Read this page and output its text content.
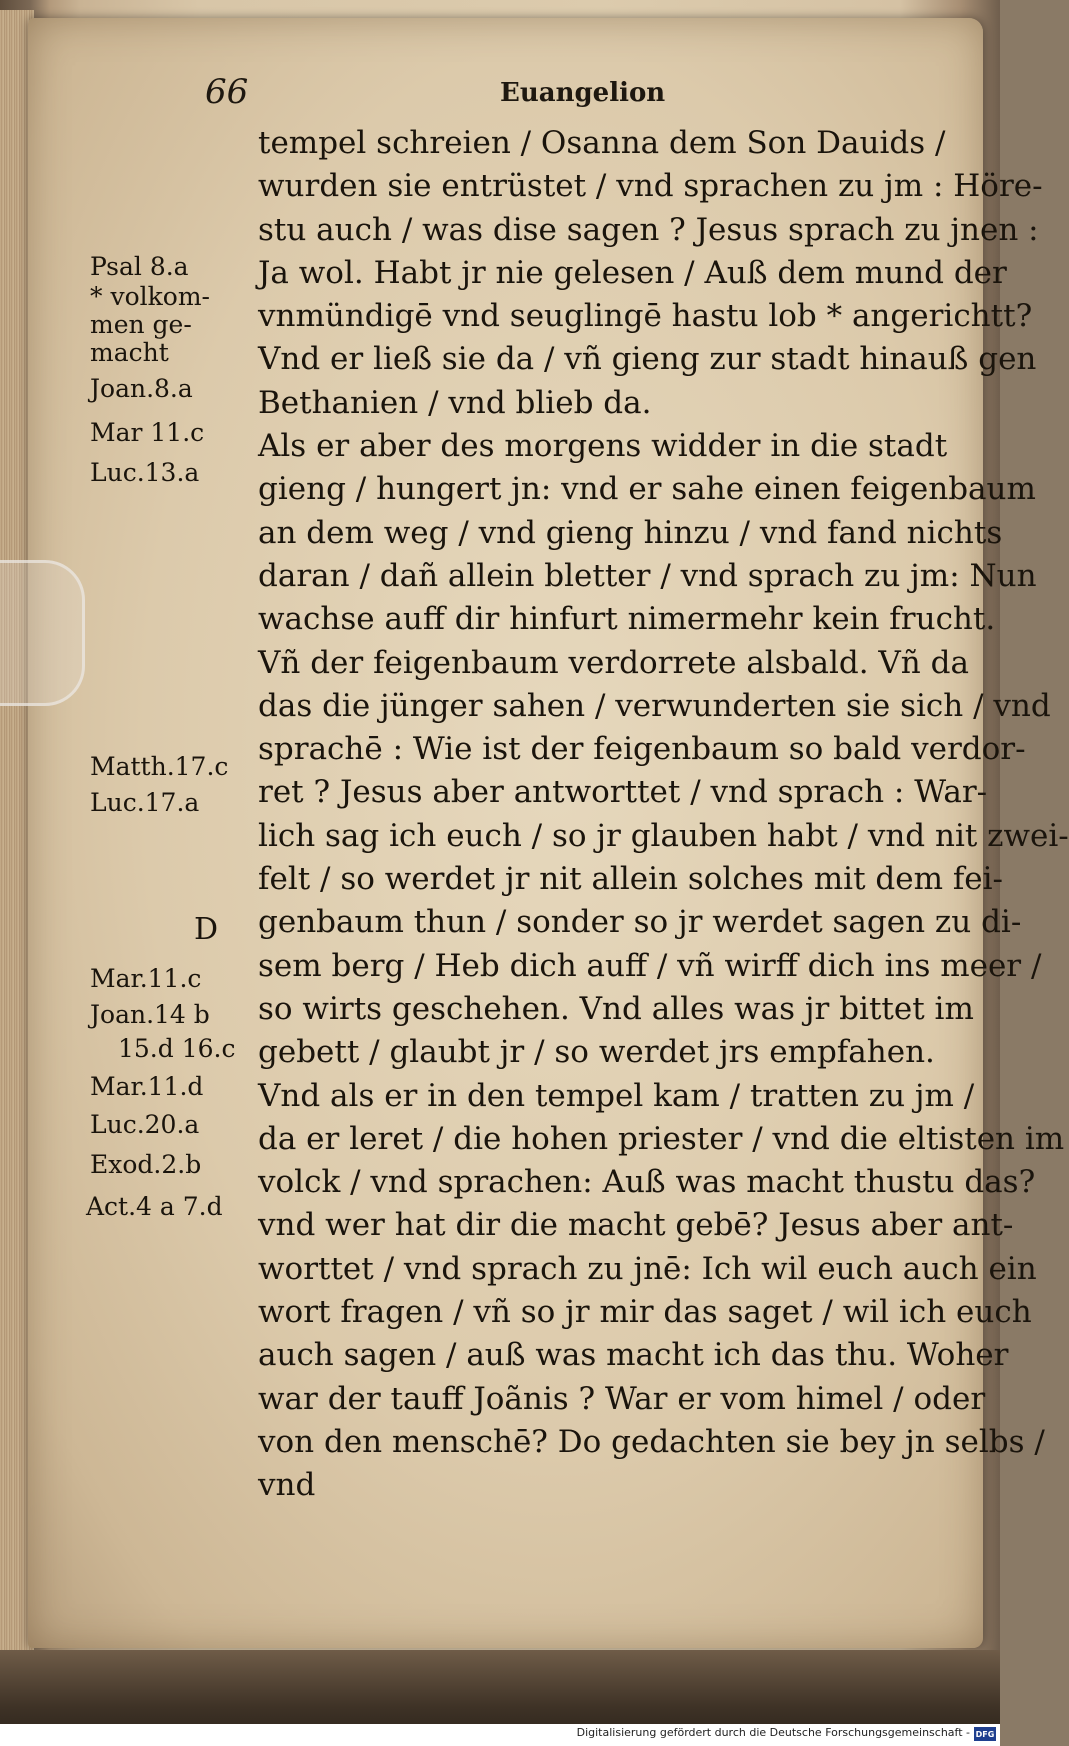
66	Euangelion
tempel schreien / Osanna dem Son Dauids /
wurden sie entrüstet / vnd sprachen zu jm : Höre-
stu auch / was dise sagen ? Jesus sprach zu jnen :
Ja wol. Habt jr nie gelesen / Auß dem mund der
vnmündigē vnd seuglingē hastu lob * angerichtt?
Vnd er ließ sie da / vñ gieng zur stadt hinauß gen
Bethanien / vnd blieb da.
Als er aber des morgens widder in die stadt
gieng / hungert jn: vnd er sahe einen feigenbaum
an dem weg / vnd gieng hinzu / vnd fand nichts
daran / dañ allein bletter / vnd sprach zu jm: Nun
wachse auff dir hinfurt nimermehr kein frucht.
Vñ der feigenbaum verdorrete alsbald. Vñ da
das die jünger sahen / verwunderten sie sich / vnd
sprachē : Wie ist der feigenbaum so bald verdor-
ret ? Jesus aber antworttet / vnd sprach : War-
lich sag ich euch / so jr glauben habt / vnd nit zwei-
felt / so werdet jr nit allein solches mit dem fei-
genbaum thun / sonder so jr werdet sagen zu di-
sem berg / Heb dich auff / vñ wirff dich ins meer /
so wirts geschehen. Vnd alles was jr bittet im
gebett / glaubt jr / so werdet jrs empfahen.
Vnd als er in den tempel kam / tratten zu jm /
da er leret / die hohen priester / vnd die eltisten im
volck / vnd sprachen: Auß was macht thustu das?
vnd wer hat dir die macht gebē? Jesus aber ant-
worttet / vnd sprach zu jnē: Ich wil euch auch ein
wort fragen / vñ so jr mir das saget / wil ich euch
auch sagen / auß was macht ich das thu. Woher
war der tauff Joãnis ? War er vom himel / oder
von den menschē? Do gedachten sie bey jn selbs /
vnd
Psal 8.a
* volkom-
men ge-
macht
Joan.8.a
Mar 11.c
Luc.13.a
Matth.17.c
Luc.17.a
D
Mar.11.c
Joan.14 b
15.d 16.c
Mar.11.d
Luc.20.a
Exod.2.b
Act.4 a 7.d
Digitalisierung gefördert durch die Deutsche Forschungsgemeinschaft - DFG
